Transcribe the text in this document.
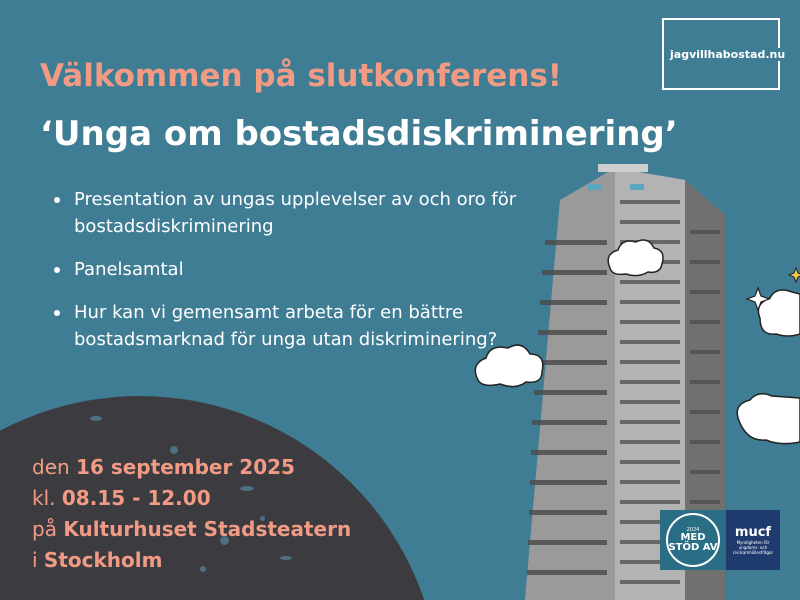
jagvillhabostad.nu
Välkommen på slutkonferens!
‘Unga om bostadsdiskriminering’
Presentation av ungas upplevelser av och oro för bostadsdiskriminering
Panelsamtal
Hur kan vi gemensamt arbeta för en bättre bostadsmarknad för unga utan diskriminering?
den 16 september 2025
kl. 08.15 - 12.00
på Kulturhuset Stadsteatern
i Stockholm
2024
MED STÖD AV
mucf
Myndigheten för ungdoms- och civilsamhällesfrågor
